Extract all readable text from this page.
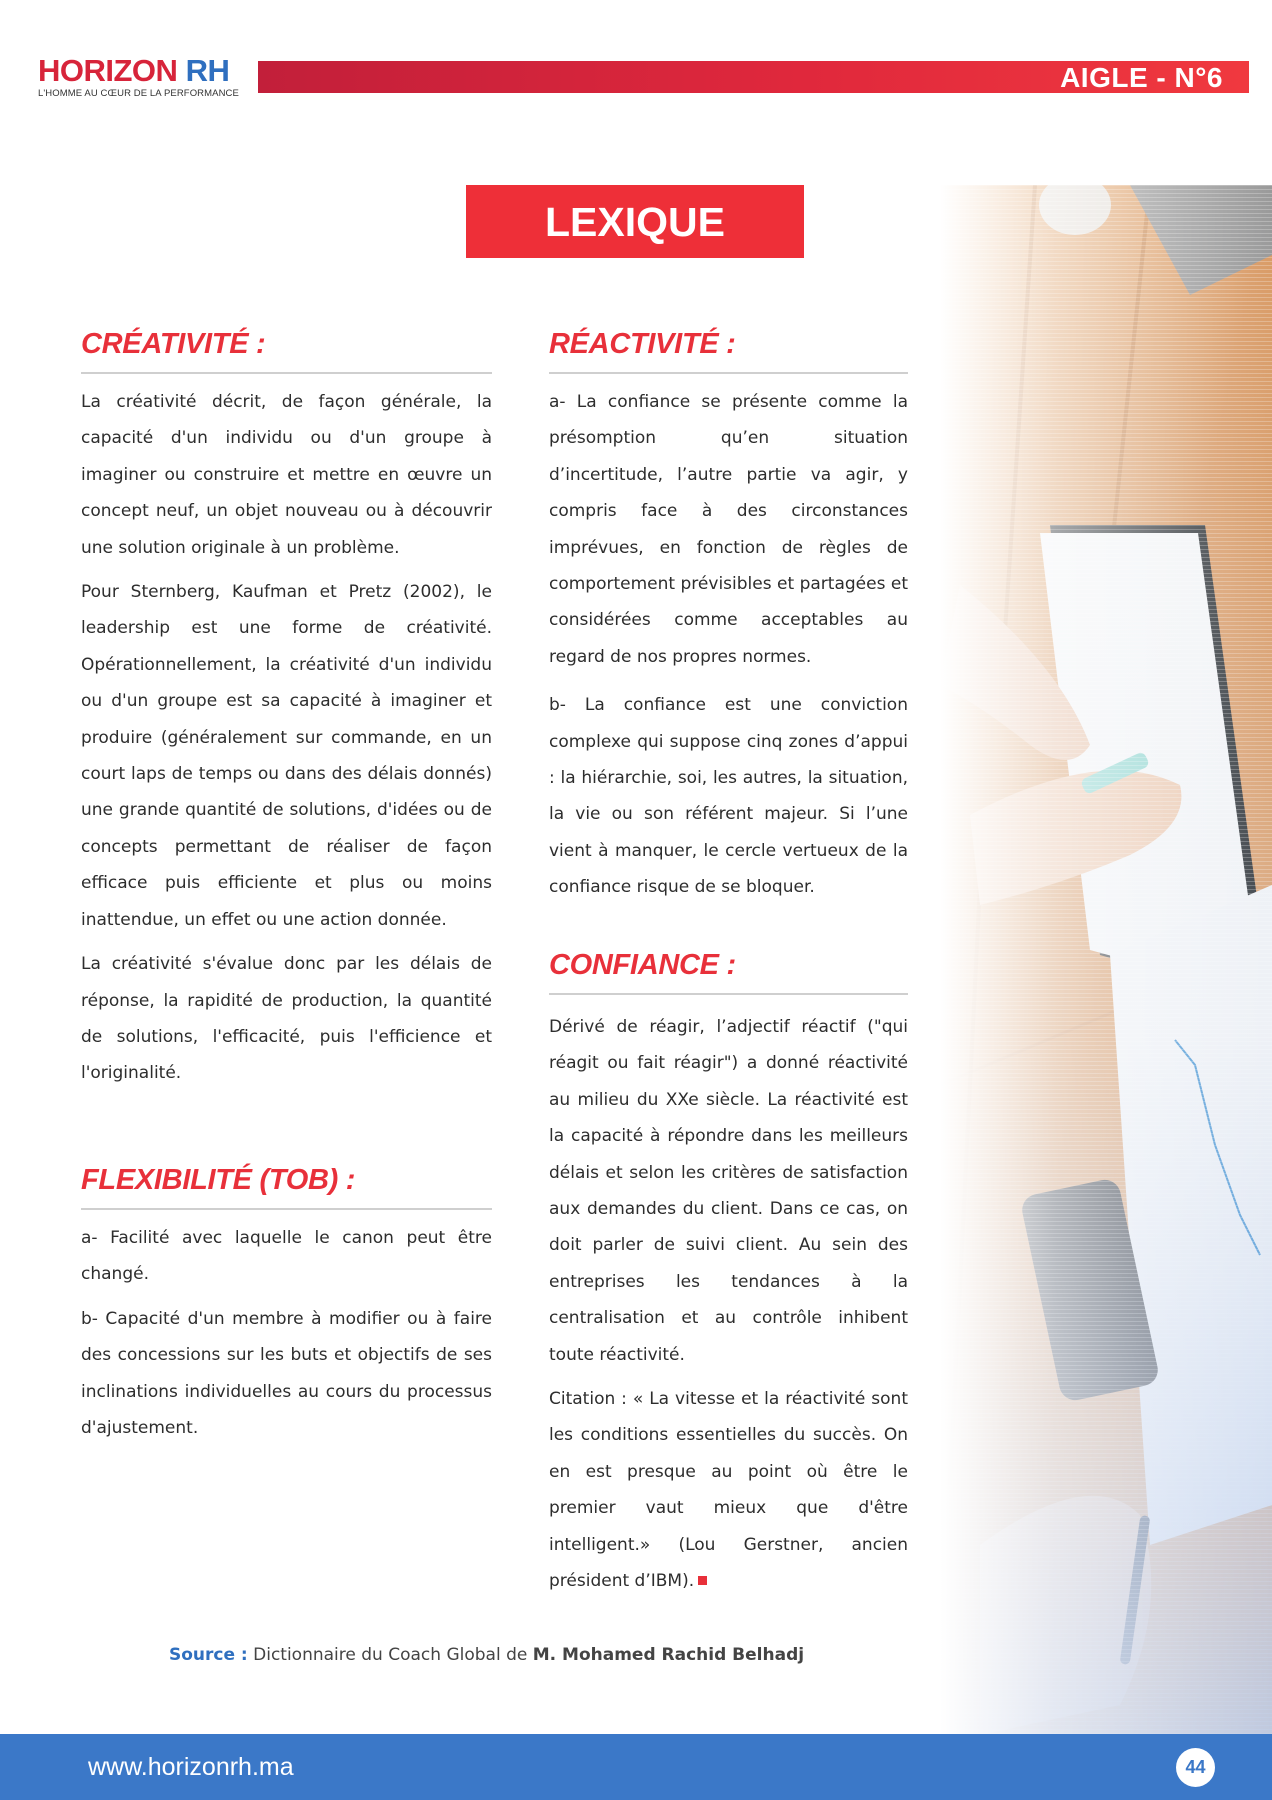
HORIZON RH
L'HOMME AU CŒUR DE LA PERFORMANCE
AIGLE - N°6
LEXIQUE
CRÉATIVITÉ :

La créativité décrit, de façon générale, la capacité d'un individu ou d'un groupe à imaginer ou construire et mettre en œuvre un concept neuf, un objet nouveau ou à découvrir une solution originale à un problème.

Pour Sternberg, Kaufman et Pretz (2002), le leadership est une forme de créativité. Opérationnellement, la créativité d'un individu ou d'un groupe est sa capacité à imaginer et produire (généralement sur commande, en un court laps de temps ou dans des délais donnés) une grande quantité de solutions, d'idées ou de concepts permettant de réaliser de façon efficace puis efficiente et plus ou moins inattendue, un effet ou une action donnée.

La créativité s'évalue donc par les délais de réponse, la rapidité de production, la quantité de solutions, l'efficacité, puis l'efficience et l'originalité.

FLEXIBILITÉ (TOB) :

a- Facilité avec laquelle le canon peut être changé.

b- Capacité d'un membre à modifier ou à faire des concessions sur les buts et objectifs de ses inclinations individuelles au cours du processus d'ajustement.

RÉACTIVITÉ :

a- La confiance se présente comme la présomption qu’en situation d’incertitude, l’autre partie va agir, y compris face à des circonstances imprévues, en fonction de règles de comportement prévisibles et partagées et considérées comme acceptables au regard de nos propres normes.

b- La confiance est une conviction complexe qui suppose cinq zones d’appui : la hiérarchie, soi, les autres, la situation, la vie ou son référent majeur. Si l’une vient à manquer, le cercle vertueux de la confiance risque de se bloquer.

CONFIANCE :

Dérivé de réagir, l’adjectif réactif ("qui réagit ou fait réagir") a donné réactivité au milieu du XXe siècle. La réactivité est la capacité à répondre dans les meilleurs délais et selon les critères de satisfaction aux demandes du client. Dans ce cas, on doit parler de suivi client. Au sein des entreprises les tendances à la centralisation et au contrôle inhibent toute réactivité.

Citation : « La vitesse et la réactivité sont les conditions essentielles du succès. On en est presque au point où être le premier vaut mieux que d'être intelligent.» (Lou Gerstner, ancien président d’IBM).

Source : Dictionnaire du Coach Global de M. Mohamed Rachid Belhadj
www.horizonrh.ma	44
